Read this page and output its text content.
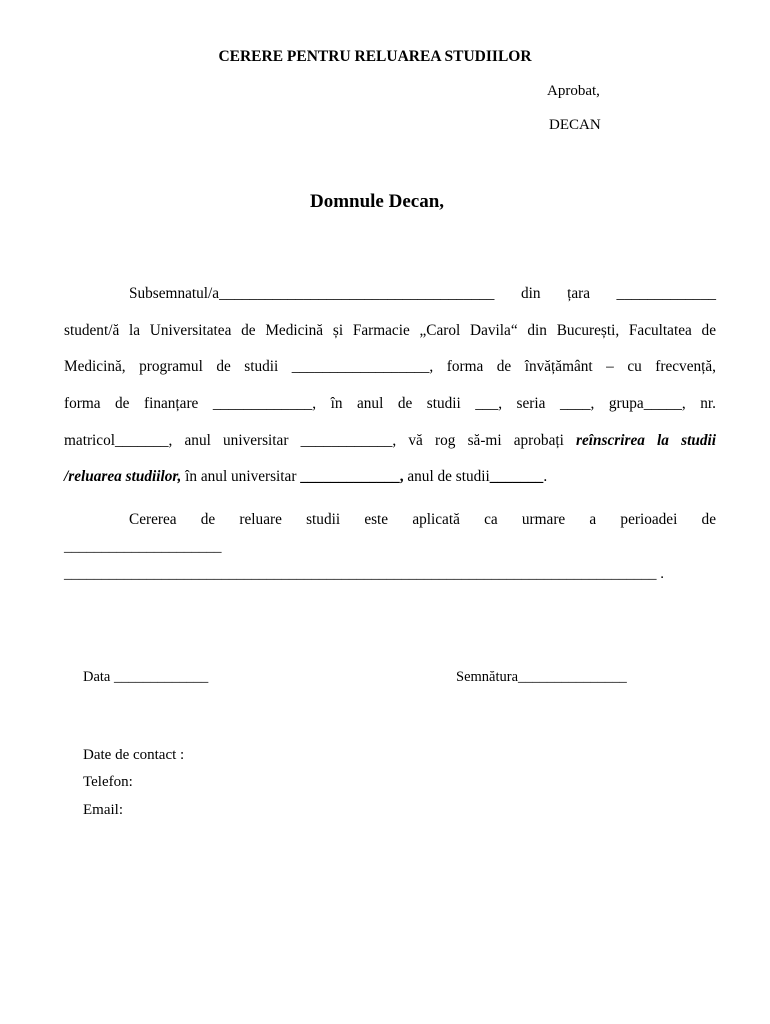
CERERE PENTRU RELUAREA STUDIILOR
Aprobat,
DECAN
Domnule Decan,
Subsemnatul/a____________________________________ din țara _____________
student/ă la Universitatea de Medicină și Farmacie „Carol Davila“ din București, Facultatea de
Medicină, programul de studii __________________, forma de învățământ – cu frecvență,
forma de finanțare _____________, în anul de studii ___, seria ____, grupa_____, nr.
matricol_______, anul universitar ____________, vă rog să-mi aprobați reînscrirea la studii
/reluarea studiilor, în anul universitar _____________, anul de studii_______.
Cererea de reluare studii este aplicată ca urmare a perioadei de
_____________________
_______________________________________________________________________________ .
Data _____________	Semnătura_______________
Date de contact :
Telefon:
Email:
